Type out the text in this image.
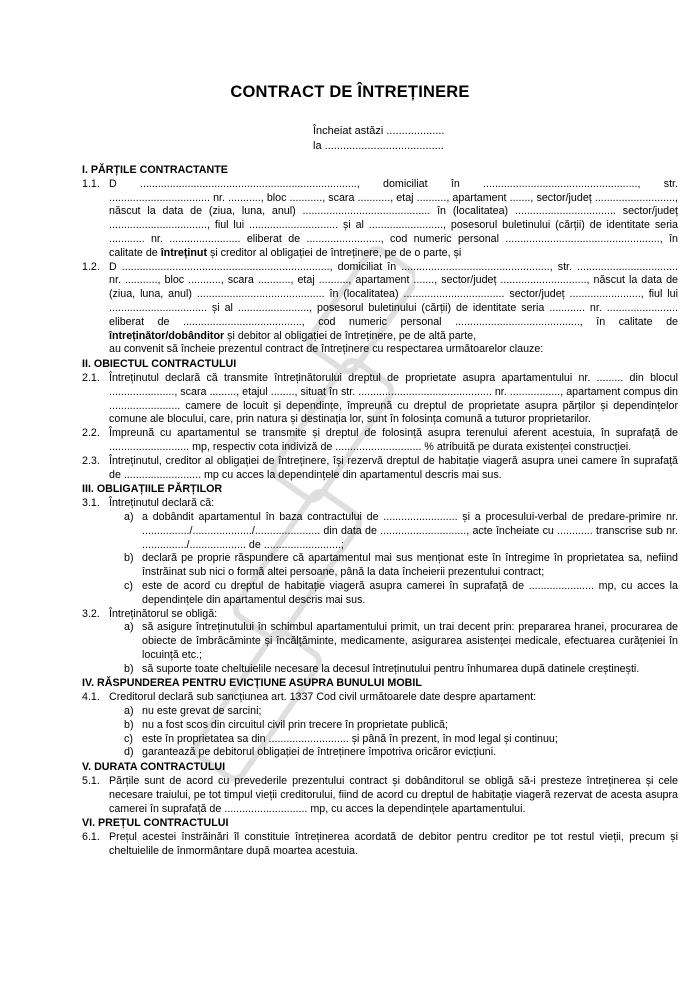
CONTRACT DE ÎNTREȚINERE
Încheiat astăzi ...................
la .......................................
I. PĂRȚILE CONTRACTANTE
1.1. D ........................................................................., domiciliat în ...................................................., str. .................................. nr. ..........., bloc ..........., scara ..........., etaj .........., apartament ......., sector/județ ..........................., născut la data de (ziua, luna, anul) ........................................... în (localitatea) .................................. sector/județ ................................., fiul lui .............................. și al ........................., posesorul buletinului (cărții) de identitate seria ............ nr. ........................ eliberat de ........................., cod numeric personal ...................................................., în calitate de întreținut și creditor al obligației de întreținere, pe de o parte, și
1.2. D ......................................................................, domiciliat în .................................................., str. .................................. nr. ..........., bloc ..........., scara ..........., etaj .........., apartament ......., sector/județ ............................., născut la data de (ziua, luna, anul) ........................................... în (localitatea) .................................. sector/județ ........................, fiul lui ................................. și al ........................, posesorul buletinului (cărții) de identitate seria ............ nr. ........................ eliberat de ........................................, cod numeric personal .........................................., în calitate de întreținător/dobânditor și debitor al obligației de întreținere, pe de altă parte,
au convenit să încheie prezentul contract de întreținere cu respectarea următoarelor clauze:
II. OBIECTUL CONTRACTULUI
2.1. Întreținutul declară că transmite întreținătorului dreptul de proprietate asupra apartamentului nr. ......... din blocul ......................, scara ........., etajul ........, situat în str. ............................................. nr. ................., apartament compus din ........................ camere de locuit și dependințe, împreună cu dreptul de proprietate asupra părților și dependințelor comune ale blocului, care, prin natura și destinația lor, sunt în folosința comună a tuturor proprietarilor.
2.2. Împreună cu apartamentul se transmite și dreptul de folosință asupra terenului aferent acestuia, în suprafață de ........................... mp, respectiv cota indiviză de ............................. % atribuită pe durata existenței construcției.
2.3. Întreținutul, creditor al obligației de întreținere, își rezervă dreptul de habitație viageră asupra unei camere în suprafață de .......................... mp cu acces la dependințele din apartamentul descris mai sus.
III. OBLIGAȚIILE PĂRȚILOR
3.1. Întreținutul declară că:
a) a dobândit apartamentul în baza contractului de ......................... și a procesului-verbal de predare-primire nr. ................/..................../...................... din data de ............................., acte încheiate cu ............ transcrise sub nr. .............../................... de ..........................;
b) declară pe proprie răspundere că apartamentul mai sus menționat este în întregime în proprietatea sa, nefiind înstrăinat sub nici o formă altei persoane, până la data încheierii prezentului contract;
c) este de acord cu dreptul de habitație viageră asupra camerei în suprafață de ...................... mp, cu acces la dependințele din apartamentul descris mai sus.
3.2. Întreținătorul se obligă:
a) să asigure întreținutului în schimbul apartamentului primit, un trai decent prin: prepararea hranei, procurarea de obiecte de îmbrăcăminte și încălțăminte, medicamente, asigurarea asistenței medicale, efectuarea curățeniei în locuință etc.;
b) să suporte toate cheltuielile necesare la decesul întreținutului pentru înhumarea după datinele creștinești.
IV. RĂSPUNDEREA PENTRU EVICȚIUNE ASUPRA BUNULUI MOBIL
4.1. Creditorul declară sub sancțiunea art. 1337 Cod civil următoarele date despre apartament:
a) nu este grevat de sarcini;
b) nu a fost scos din circuitul civil prin trecere în proprietate publică;
c) este în proprietatea sa din ........................... și până în prezent, în mod legal și continuu;
d) garantează pe debitorul obligației de întreținere împotriva oricăror evicțiuni.
V. DURATA CONTRACTULUI
5.1. Părțile sunt de acord cu prevederile prezentului contract și dobânditorul se obligă să-i presteze întreținerea și cele necesare traiului, pe tot timpul vieții creditorului, fiind de acord cu dreptul de habitație viageră rezervat de acesta asupra camerei în suprafață de ............................ mp, cu acces la dependințele apartamentului.
VI. PREȚUL CONTRACTULUI
6.1. Prețul acestei înstrăinări îl constituie întreținerea acordată de debitor pentru creditor pe tot restul vieții, precum și cheltuielile de înmormântare după moartea acestuia.
